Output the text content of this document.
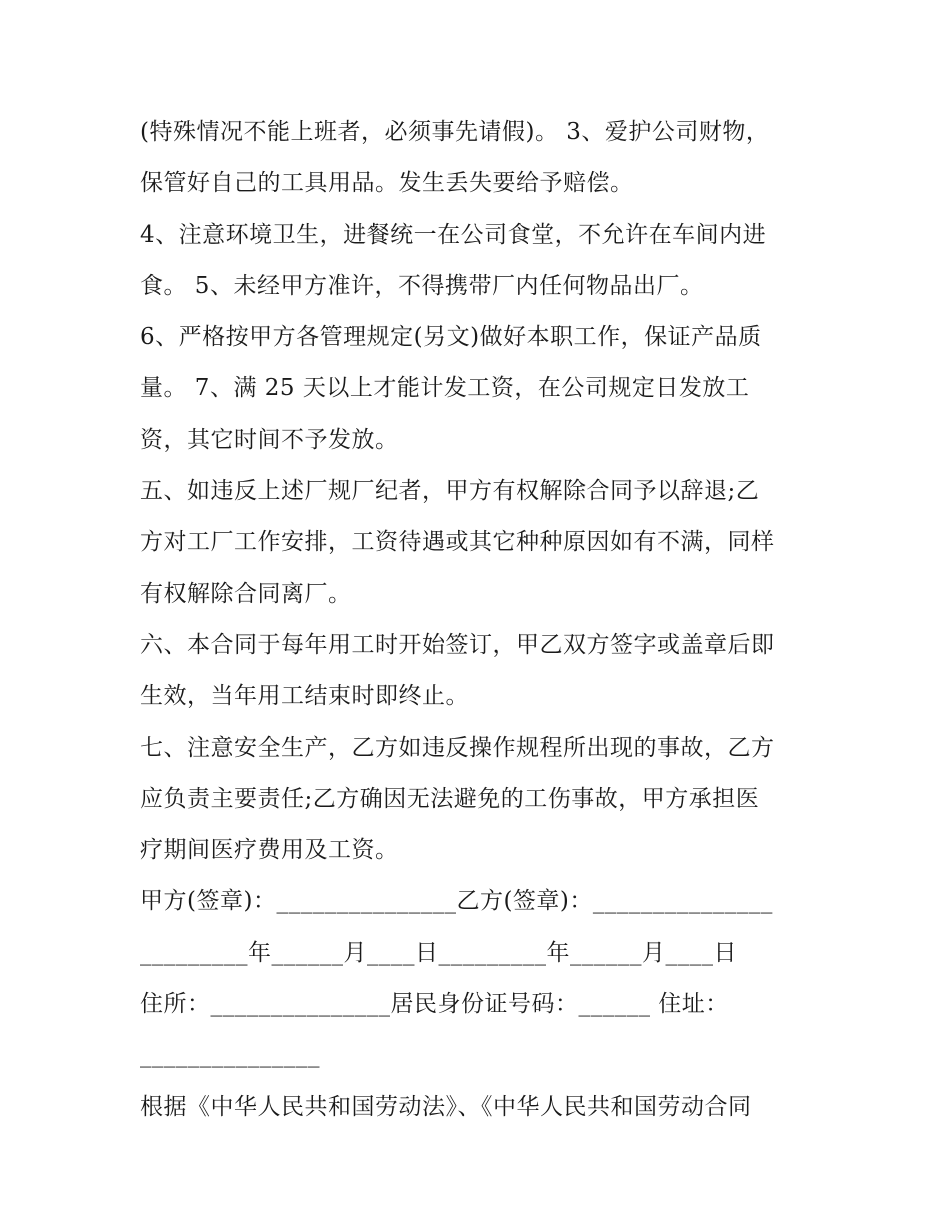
(特殊情况不能上班者，必须事先请假)。 3、爱护公司财物，
保管好自己的工具用品。发生丢失要给予赔偿。
4、注意环境卫生，进餐统一在公司食堂，不允许在车间内进
食。 5、未经甲方准许，不得携带厂内任何物品出厂。
6、严格按甲方各管理规定(另文)做好本职工作，保证产品质
量。 7、满 25 天以上才能计发工资，在公司规定日发放工
资，其它时间不予发放。
五、如违反上述厂规厂纪者，甲方有权解除合同予以辞退;乙
方对工厂工作安排，工资待遇或其它种种原因如有不满，同样
有权解除合同离厂。
六、本合同于每年用工时开始签订，甲乙双方签字或盖章后即
生效，当年用工结束时即终止。
七、注意安全生产，乙方如违反操作规程所出现的事故，乙方
应负责主要责任;乙方确因无法避免的工伤事故，甲方承担医
疗期间医疗费用及工资。
甲方(签章)：_______________乙方(签章)：_______________
_________年______月____日_________年______月____日
住所：_______________居民身份证号码：______ 住址：
_______________
根据《中华人民共和国劳动法》、《中华人民共和国劳动合同
